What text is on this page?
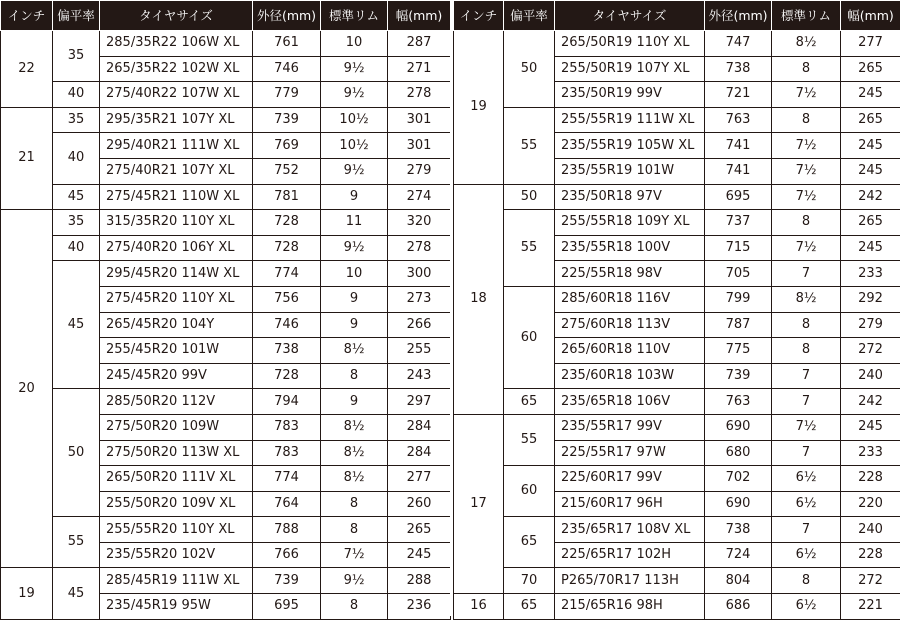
インチ	偏平率	タイヤサイズ	外径(mm)	標準リム	幅(mm)
22	35	285/35R22 106W XL	761	10	287
		265/35R22 102W XL	746	9½	271
	40	275/40R22 107W XL	779	9½	278
21	35	295/35R21 107Y XL	739	10½	301
	40	295/40R21 111W XL	769	10½	301
		275/40R21 107Y XL	752	9½	279
	45	275/45R21 110W XL	781	9	274
20	35	315/35R20 110Y XL	728	11	320
	40	275/40R20 106Y XL	728	9½	278
	45	295/45R20 114W XL	774	10	300
		275/45R20 110Y XL	756	9	273
		265/45R20 104Y	746	9	266
		255/45R20 101W	738	8½	255
		245/45R20 99V	728	8	243
	50	285/50R20 112V	794	9	297
		275/50R20 109W	783	8½	284
		275/50R20 113W XL	783	8½	284
		265/50R20 111V XL	774	8½	277
		255/50R20 109V XL	764	8	260
	55	255/55R20 110Y XL	788	8	265
		235/55R20 102V	766	7½	245
19	45	285/45R19 111W XL	739	9½	288
		235/45R19 95W	695	8	236
インチ	偏平率	タイヤサイズ	外径(mm)	標準リム	幅(mm)
19	50	265/50R19 110Y XL	747	8½	277
		255/50R19 107Y XL	738	8	265
		235/50R19 99V	721	7½	245
	55	255/55R19 111W XL	763	8	265
		235/55R19 105W XL	741	7½	245
		235/55R19 101W	741	7½	245
18	50	235/50R18 97V	695	7½	242
	55	255/55R18 109Y XL	737	8	265
		235/55R18 100V	715	7½	245
		225/55R18 98V	705	7	233
	60	285/60R18 116V	799	8½	292
		275/60R18 113V	787	8	279
		265/60R18 110V	775	8	272
		235/60R18 103W	739	7	240
	65	235/65R18 106V	763	7	242
17	55	235/55R17 99V	690	7½	245
		225/55R17 97W	680	7	233
	60	225/60R17 99V	702	6½	228
		215/60R17 96H	690	6½	220
	65	235/65R17 108V XL	738	7	240
		225/65R17 102H	724	6½	228
	70	P265/70R17 113H	804	8	272
16	65	215/65R16 98H	686	6½	221
